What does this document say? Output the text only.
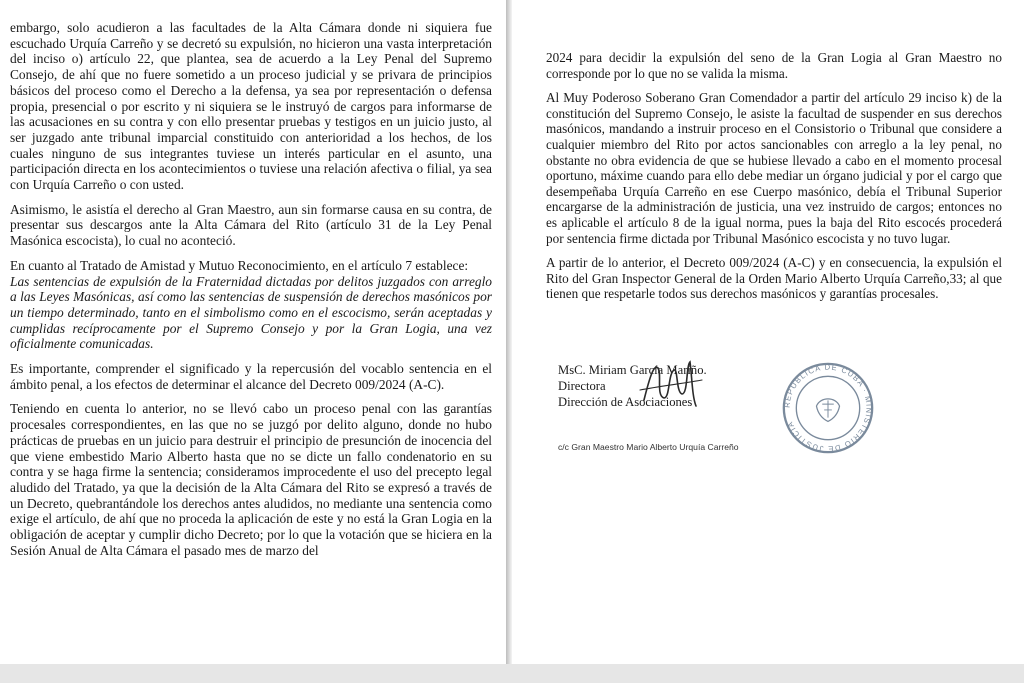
embargo, solo acudieron a las facultades de la Alta Cámara donde ni siquiera fue escuchado Urquía Carreño y se decretó su expulsión, no hicieron una vasta interpretación del inciso o) artículo 22, que plantea, sea de acuerdo a la Ley Penal del Supremo Consejo, de ahí que no fuere sometido a un proceso judicial y se privara de principios básicos del proceso como el Derecho a la defensa, ya sea por representación o defensa propia, presencial o por escrito y ni siquiera se le instruyó de cargos para informarse de las acusaciones en su contra y con ello presentar pruebas y testigos en un juicio justo, al ser juzgado ante tribunal imparcial constituido con anterioridad a los hechos, de los cuales ninguno de sus integrantes tuviese un interés particular en el asunto, una participación directa en los acontecimientos o tuviese una relación afectiva o filial, ya sea con Urquía Carreño o con usted.

Asimismo, le asistía el derecho al Gran Maestro, aun sin formarse causa en su contra, de presentar sus descargos ante la Alta Cámara del Rito (artículo 31 de la Ley Penal Masónica escocista), lo cual no aconteció.

En cuanto al Tratado de Amistad y Mutuo Reconocimiento, en el artículo 7 establece:

Las sentencias de expulsión de la Fraternidad dictadas por delitos juzgados con arreglo a las Leyes Masónicas, así como las sentencias de suspensión de derechos masónicos por un tiempo determinado, tanto en el simbolismo como en el escocismo, serán aceptadas y cumplidas recíprocamente por el Supremo Consejo y por la Gran Logia, una vez oficialmente comunicadas.

Es importante, comprender el significado y la repercusión del vocablo sentencia en el ámbito penal, a los efectos de determinar el alcance del Decreto 009/2024 (A-C).

Teniendo en cuenta lo anterior, no se llevó cabo un proceso penal con las garantías procesales correspondientes, en las que no se juzgó por delito alguno, donde no hubo prácticas de pruebas en un juicio para destruir el principio de presunción de inocencia del que viene embestido Mario Alberto hasta que no se dicte un fallo condenatorio en su contra y se haga firme la sentencia; consideramos improcedente el uso del precepto legal aludido del Tratado, ya que la decisión de la Alta Cámara del Rito se expresó a través de un Decreto, quebrantándole los derechos antes aludidos, no mediante una sentencia como exige el artículo, de ahí que no proceda la aplicación de este y no está la Gran Logia en la obligación de aceptar y cumplir dicho Decreto; por lo que la votación que se hiciera en la Sesión Anual de Alta Cámara el pasado mes de marzo del

2024 para decidir la expulsión del seno de la Gran Logia al Gran Maestro no corresponde por lo que no se valida la misma.

Al Muy Poderoso Soberano Gran Comendador a partir del artículo 29 inciso k) de la constitución del Supremo Consejo, le asiste la facultad de suspender en sus derechos masónicos, mandando a instruir proceso en el Consistorio o Tribunal que considere a cualquier miembro del Rito por actos sancionables con arreglo a la ley penal, no obstante no obra evidencia de que se hubiese llevado a cabo en el momento procesal oportuno, máxime cuando para ello debe mediar un órgano judicial y por el cargo que desempeñaba Urquía Carreño en ese Cuerpo masónico, debía el Tribunal Superior encargarse de la administración de justicia, una vez instruido de cargos; entonces no es aplicable el artículo 8 de la igual norma, pues la baja del Rito escocés procederá por sentencia firme dictada por Tribunal Masónico escocista y no tuvo lugar.

A partir de lo anterior, el Decreto 009/2024 (A-C) y en consecuencia, la expulsión el Rito del Gran Inspector General de la Orden Mario Alberto Urquía Carreño,33; al que tienen que respetarle todos sus derechos masónicos y garantías procesales.

MsC. Miriam García Mariño.
Directora
Dirección de Asociaciones
c/c Gran Maestro Mario Alberto Urquía Carreño
REPUBLICA DE CUBA · MINISTERIO DE JUSTICIA
